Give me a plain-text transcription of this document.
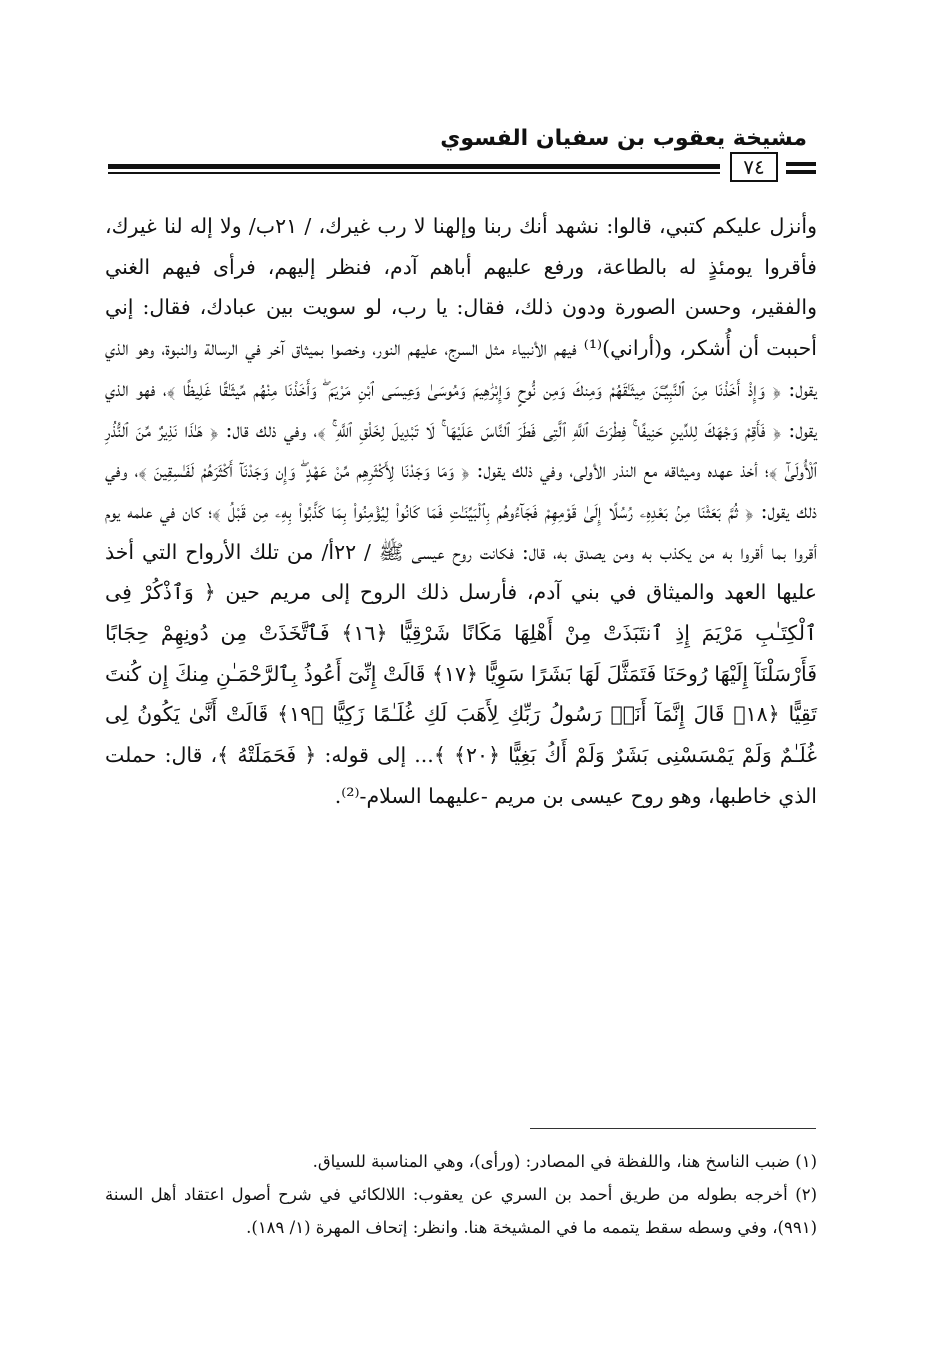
مشيخة يعقوب بن سفيان الفسوي
٧٤
وأنزل عليكم كتبي، قالوا: نشهد أنك ربنا وإلهنا لا رب غيرك، / ٢١ب/ ولا إله لنا غيرك، فأقروا يومئذٍ له بالطاعة، ورفع عليهم أباهم آدم، فنظر إليهم، فرأى فيهم الغني والفقير، وحسن الصورة ودون ذلك، فقال: يا رب، لو سويت بين عبادك، فقال: إني أحببت أن أُشكر، و(أراني)⁽¹⁾ فيهم الأنبياء مثل السرج، عليهم النور، وخصوا بميثاق آخر في الرسالة والنبوة، وهو الذي يقول: ﴿ وَإِذْ أَخَذْنَا مِنَ ٱلنَّبِيِّـۧنَ مِيثَـٰقَهُمْ وَمِنكَ وَمِن نُّوحٍ وَإِبْرَٰهِيمَ وَمُوسَىٰ وَعِيسَى ٱبْنِ مَرْيَمَ ۖ وَأَخَذْنَا مِنْهُم مِّيثَـٰقًا غَلِيظًا ﴾، فهو الذي يقول: ﴿ فَأَقِمْ وَجْهَكَ لِلدِّينِ حَنِيفًا ۚ فِطْرَتَ ٱللَّهِ ٱلَّتِى فَطَرَ ٱلنَّاسَ عَلَيْهَا ۚ لَا تَبْدِيلَ لِخَلْقِ ٱللَّهِ ۚ ﴾، وفي ذلك قال: ﴿ هَـٰذَا نَذِيرٌ مِّنَ ٱلنُّذُرِ ٱلْأُولَىٰٓ ﴾؛ أخذ عهده وميثاقه مع النذر الأولى، وفي ذلك يقول: ﴿ وَمَا وَجَدْنَا لِأَكْثَرِهِم مِّنْ عَهْدٍ ۖ وَإِن وَجَدْنَآ أَكْثَرَهُمْ لَفَـٰسِقِينَ ﴾، وفي ذلك يقول: ﴿ ثُمَّ بَعَثْنَا مِنۢ بَعْدِهِۦ رُسُلًا إِلَىٰ قَوْمِهِمْ فَجَآءُوهُم بِٱلْبَيِّنَـٰتِ فَمَا كَانُوا۟ لِيُؤْمِنُوا۟ بِمَا كَذَّبُوا۟ بِهِۦ مِن قَبْلُ ﴾؛ كان في علمه يوم أقروا بما أقروا به من يكذب به ومن يصدق به، قال: فكانت روح عيسى ﷺ / ٢٢أ/ من تلك الأرواح التي أخذ عليها العهد والميثاق في بني آدم، فأرسل ذلك الروح إلى مريم حين ﴿ وَٱذْكُرْ فِى ٱلْكِتَـٰبِ مَرْيَمَ إِذِ ٱنتَبَذَتْ مِنْ أَهْلِهَا مَكَانًا شَرْقِيًّا ﴿١٦﴾ فَٱتَّخَذَتْ مِن دُونِهِمْ حِجَابًا فَأَرْسَلْنَآ إِلَيْهَا رُوحَنَا فَتَمَثَّلَ لَهَا بَشَرًا سَوِيًّا ﴿١٧﴾ قَالَتْ إِنِّىٓ أَعُوذُ بِٱلرَّحْمَـٰنِ مِنكَ إِن كُنتَ تَقِيًّا ﴿١٨﴾ قَالَ إِنَّمَآ أَنَا۠ رَسُولُ رَبِّكِ لِأَهَبَ لَكِ غُلَـٰمًا زَكِيًّا ﴿١٩﴾ قَالَتْ أَنَّىٰ يَكُونُ لِى غُلَـٰمٌ وَلَمْ يَمْسَسْنِى بَشَرٌ وَلَمْ أَكُ بَغِيًّا ﴿٢٠﴾ ﴾... إلى قوله: ﴿ فَحَمَلَتْهُ ﴾، قال: حملت الذي خاطبها، وهو روح عيسى بن مريم -عليهما السلام-⁽²⁾.

(١) ضبب الناسخ هنا، واللفظة في المصادر: (ورأى)، وهي المناسبة للسياق.

(٢) أخرجه بطوله من طريق أحمد بن السري عن يعقوب: اللالكائي في شرح أصول اعتقاد أهل السنة (٩٩١)، وفي وسطه سقط يتممه ما في المشيخة هنا. وانظر: إتحاف المهرة (١/ ١٨٩).
